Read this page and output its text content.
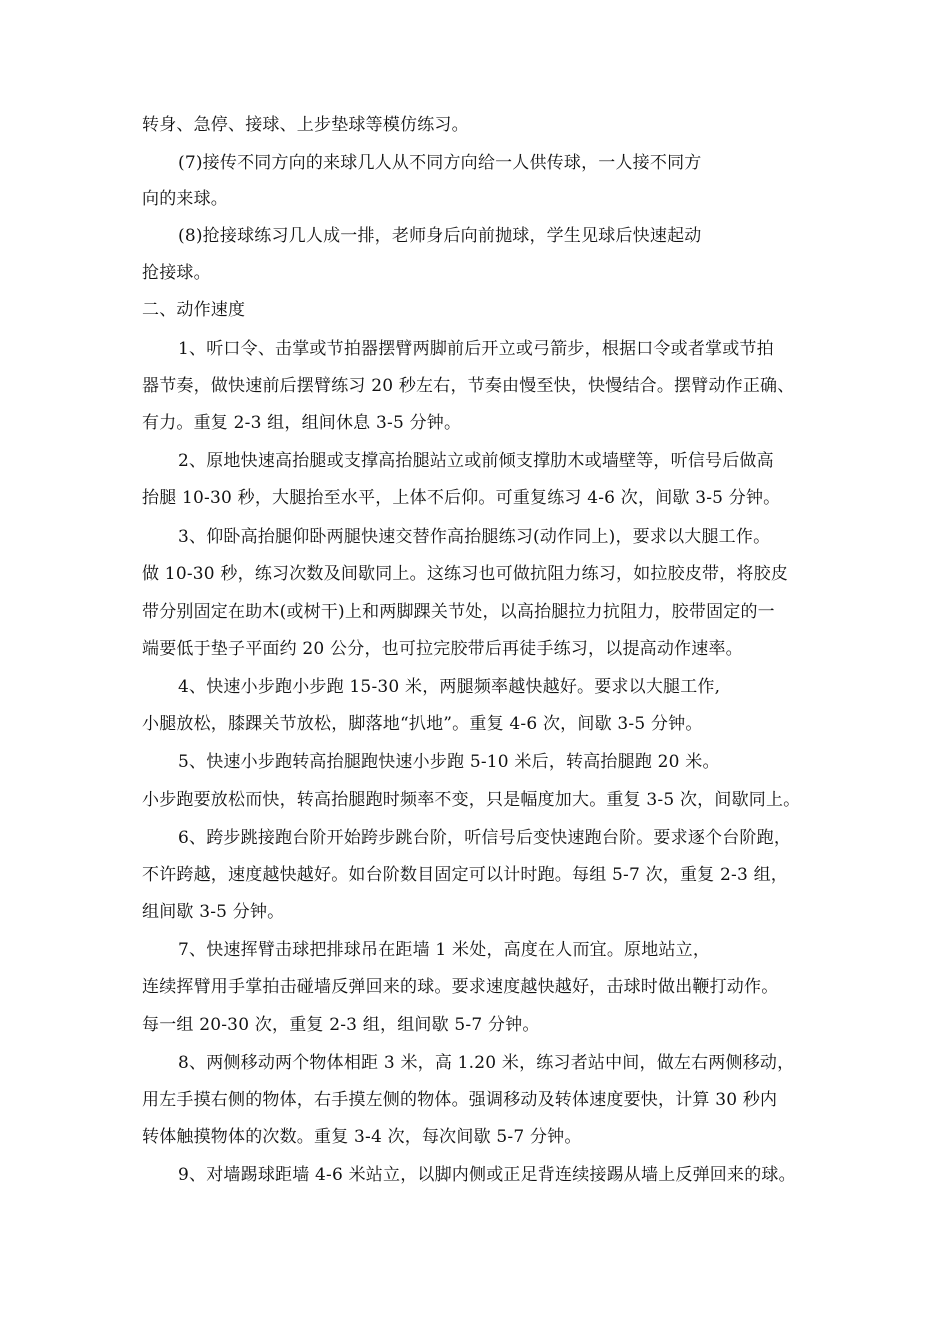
转身、急停、接球、上步垫球等模仿练习。
(7)接传不同方向的来球几人从不同方向给一人供传球，一人接不同方
向的来球。
(8)抢接球练习几人成一排，老师身后向前抛球，学生见球后快速起动
抢接球。
二、动作速度
1、听口令、击掌或节拍器摆臂两脚前后开立或弓箭步，根据口令或者掌或节拍
器节奏，做快速前后摆臂练习 20 秒左右，节奏由慢至快，快慢结合。摆臂动作正确、
有力。重复 2-3 组，组间休息 3-5 分钟。
2、原地快速高抬腿或支撑高抬腿站立或前倾支撑肋木或墙壁等，听信号后做高
抬腿 10-30 秒，大腿抬至水平，上体不后仰。可重复练习 4-6 次，间歇 3-5 分钟。
3、仰卧高抬腿仰卧两腿快速交替作高抬腿练习(动作同上)，要求以大腿工作。
做 10-30 秒，练习次数及间歇同上。这练习也可做抗阻力练习，如拉胶皮带，将胶皮
带分别固定在助木(或树干)上和两脚踝关节处，以高抬腿拉力抗阻力，胶带固定的一
端要低于垫子平面约 20 公分，也可拉完胶带后再徒手练习，以提高动作速率。
4、快速小步跑小步跑 15-30 米，两腿频率越快越好。要求以大腿工作,
小腿放松，膝踝关节放松，脚落地“扒地”。重复 4-6 次，间歇 3-5 分钟。
5、快速小步跑转高抬腿跑快速小步跑 5-10 米后，转高抬腿跑 20 米。
小步跑要放松而快，转高抬腿跑时频率不变，只是幅度加大。重复 3-5 次，间歇同上。
6、跨步跳接跑台阶开始跨步跳台阶，听信号后变快速跑台阶。要求逐个台阶跑，
不许跨越，速度越快越好。如台阶数目固定可以计时跑。每组 5-7 次，重复 2-3 组，
组间歇 3-5 分钟。
7、快速挥臂击球把排球吊在距墙 1 米处，高度在人而宜。原地站立，
连续挥臂用手掌拍击碰墙反弹回来的球。要求速度越快越好，击球时做出鞭打动作。
每一组 20-30 次，重复 2-3 组，组间歇 5-7 分钟。
8、两侧移动两个物体相距 3 米，高 1.20 米，练习者站中间，做左右两侧移动，
用左手摸右侧的物体，右手摸左侧的物体。强调移动及转体速度要快，计算 30 秒内
转体触摸物体的次数。重复 3-4 次，每次间歇 5-7 分钟。
9、对墙踢球距墙 4-6 米站立，以脚内侧或正足背连续接踢从墙上反弹回来的球。
